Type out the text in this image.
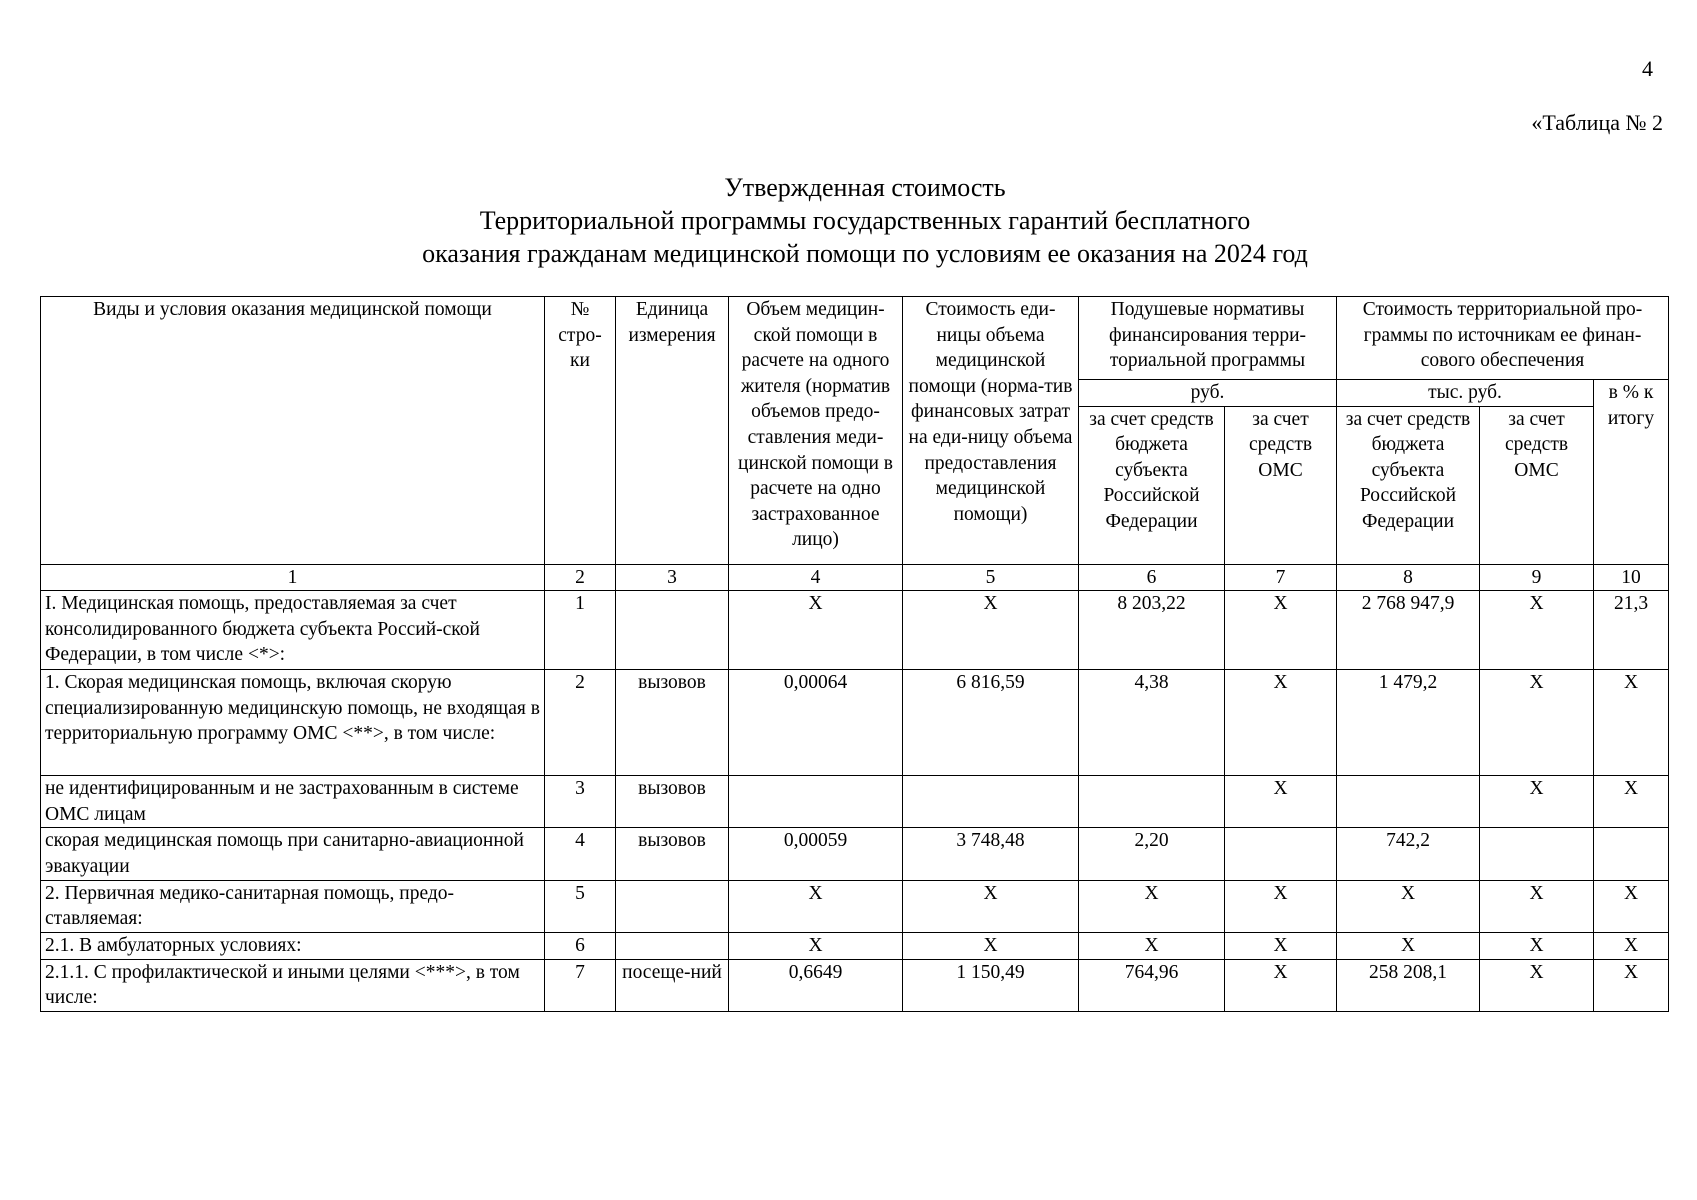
4
«Таблица № 2
Утвержденная стоимость
Территориальной программы государственных гарантий бесплатного
оказания гражданам медицинской помощи по условиям ее оказания на 2024 год
Виды и условия оказания медицинской помощи	№ стро-ки	Единица измерения	Объем медицин-ской помощи в расчете на одного жителя (норматив объемов предо-ставления меди-цинской помощи в расчете на одно застрахованное лицо)	Стоимость еди-ницы объема медицинской помощи (норма-тив финансовых затрат на еди-ницу объема предоставления медицинской помощи)	Подушевые нормативы финансирования терри-ториальной программы		Стоимость территориальной про-граммы по источникам ее финан-сового обеспечения		
					руб.		тыс. руб.		в % к итогу
					за счет средств бюджета субъекта Российской Федерации	за счет средств ОМС	за счет средств бюджета субъекта Российской Федерации	за счет средств ОМС	
1	2	3	4	5	6	7	8	9	10
I. Медицинская помощь, предоставляемая за счет консолидированного бюджета субъекта Россий-ской Федерации, в том числе <*>:	1		X	X	8 203,22	X	2 768 947,9	X	21,3
1. Скорая медицинская помощь, включая скорую специализированную медицинскую помощь, не входящая в территориальную программу ОМС <**>, в том числе:	2	вызовов	0,00064	6 816,59	4,38	X	1 479,2	X	X
не идентифицированным и не застрахованным в системе ОМС лицам	3	вызовов				X		X	X
скорая медицинская помощь при санитарно-авиационной эвакуации	4	вызовов	0,00059	3 748,48	2,20		742,2		
2. Первичная медико-санитарная помощь, предо-ставляемая:	5		X	X	X	X	X	X	X
2.1. В амбулаторных условиях:	6		X	X	X	X	X	X	X
2.1.1. С профилактической и иными целями <***>, в том числе:	7	посеще-ний	0,6649	1 150,49	764,96	X	258 208,1	X	X
